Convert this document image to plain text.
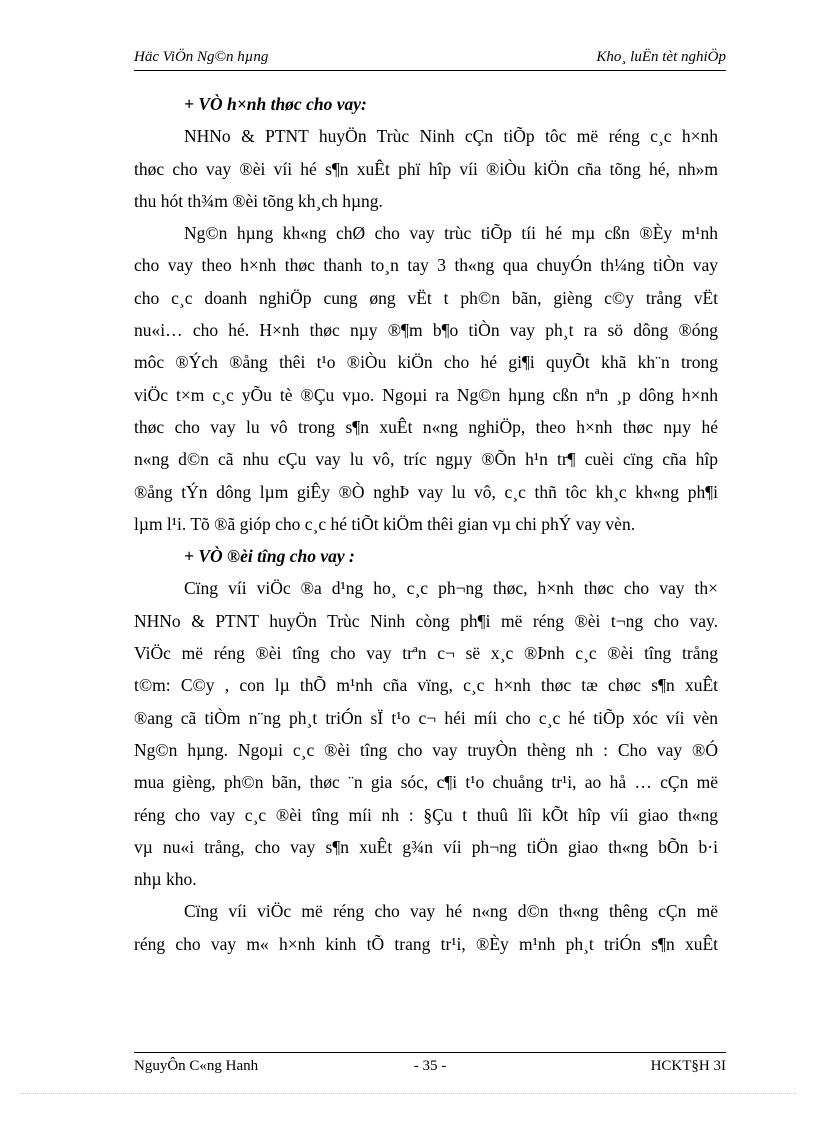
Häc ViÖn Ng©n hµng	Kho¸ luËn tèt nghiÖp
+ VÒ h×nh thøc cho vay:
NHNo & PTNT huyÖn Trùc Ninh cÇn tiÕp tôc më réng c¸c h×nh
thøc cho vay ®èi víi hé s¶n xuÊt phï hîp víi ®iÒu kiÖn cña tõng hé, nh»m
thu hót th¾m ®èi tõng kh¸ch hµng.
Ng©n hµng kh«ng chØ cho vay trùc tiÕp tíi hé mµ cßn ®Èy m¹nh
cho vay theo h×nh thøc thanh to¸n tay 3 th«ng qua chuyÓn th¼ng tiÒn vay
cho c¸c doanh nghiÖp cung øng vËt t ph©n bãn, gièng c©y trång vËt
nu«i… cho hé. H×nh thøc nµy ®¶m b¶o tiÒn vay ph¸t ra sö dông ®óng
môc ®Ých ®ång thêi t¹o ®iÒu kiÖn cho hé gi¶i quyÕt khã kh¨n trong
viÖc t×m c¸c yÕu tè ®Çu vµo. Ngoµi ra Ng©n hµng cßn nªn ¸p dông h×nh
thøc cho vay lu vô trong s¶n xuÊt n«ng nghiÖp, theo h×nh thøc nµy hé
n«ng d©n cã nhu cÇu vay lu vô, tríc ngµy ®Õn h¹n tr¶ cuèi cïng cña hîp
®ång tÝn dông lµm giÊy ®Ò nghÞ vay lu vô, c¸c thñ tôc kh¸c kh«ng ph¶i
lµm l¹i. Tõ ®ã gióp cho c¸c hé tiÕt kiÖm thêi gian vµ chi phÝ vay vèn.
+ VÒ ®èi tîng cho vay :
Cïng víi viÖc ®a d¹ng ho¸ c¸c ph¬ng thøc, h×nh thøc cho vay th×
NHNo & PTNT huyÖn Trùc Ninh còng ph¶i më réng ®èi t¬ng cho vay.
ViÖc më réng ®èi tîng cho vay trªn c¬ së x¸c ®Þnh c¸c ®èi tîng trång
t©m: C©y , con lµ thÕ m¹nh cña vïng, c¸c h×nh thøc tæ chøc s¶n xuÊt
®ang cã tiÒm n¨ng ph¸t triÓn sÏ t¹o c¬ héi míi cho c¸c hé tiÕp xóc víi vèn
Ng©n hµng. Ngoµi c¸c ®èi tîng cho vay truyÒn thèng nh : Cho vay ®Ó
mua gièng, ph©n bãn, thøc ¨n gia sóc, c¶i t¹o chuång tr¹i, ao hå … cÇn më
réng cho vay c¸c ®èi tîng míi nh : §Çu t thuû lîi kÕt hîp víi giao th«ng
vµ nu«i trång, cho vay s¶n xuÊt g¾n víi ph¬ng tiÖn giao th«ng bÕn b·i
nhµ kho.
Cïng víi viÖc më réng cho vay hé n«ng d©n th«ng thêng cÇn më
réng cho vay m« h×nh kinh tÕ trang tr¹i, ®Èy m¹nh ph¸t triÓn s¶n xuÊt
NguyÔn C«ng Hanh	- 35 -	HCKT§H 3I
